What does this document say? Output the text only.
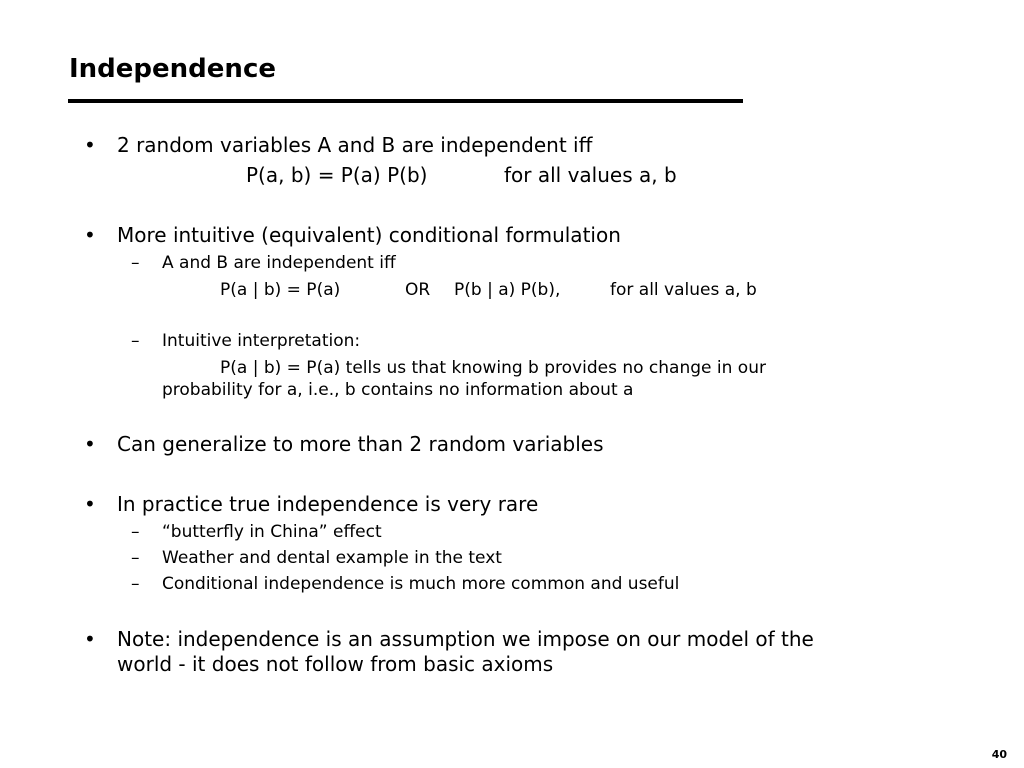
Independence
• 2 random variables A and B are independent iff
P(a, b) = P(a) P(b)	for all values a, b
• More intuitive (equivalent) conditional formulation
– A and B are independent iff
P(a | b) = P(a)	OR P(b | a) P(b),	for all values a, b
– Intuitive interpretation:
P(a | b) = P(a) tells us that knowing b provides no change in our
probability for a, i.e., b contains no information about a
• Can generalize to more than 2 random variables
• In practice true independence is very rare
– “butterfly in China” effect
– Weather and dental example in the text
– Conditional independence is much more common and useful
• Note: independence is an assumption we impose on our model of the
world - it does not follow from basic axioms
40
